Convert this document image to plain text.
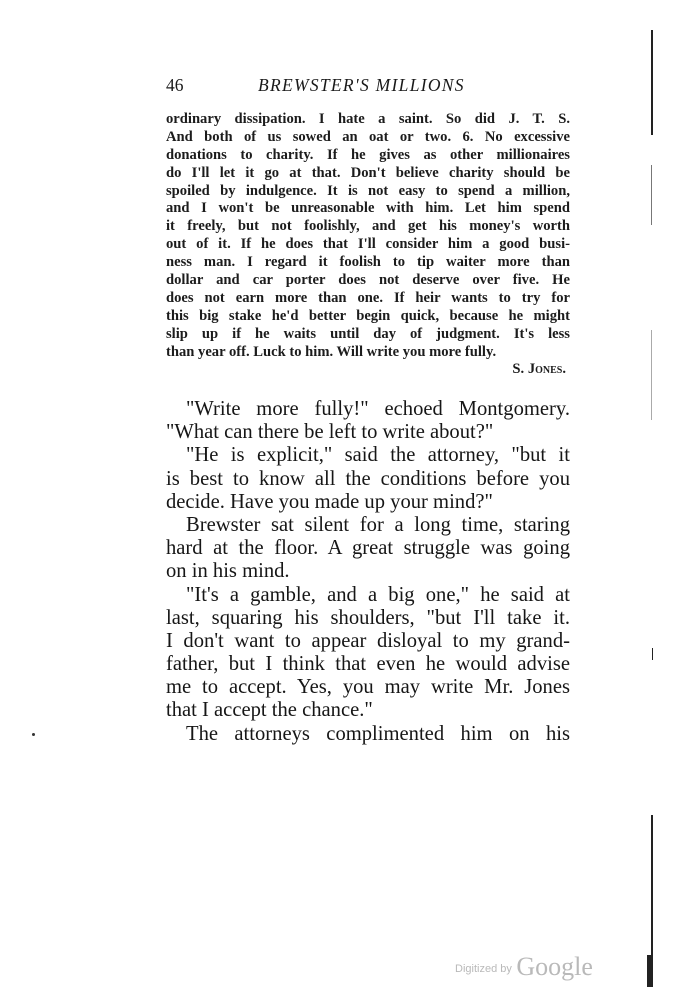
46	BREWSTER'S MILLIONS
ordinary dissipation. I hate a saint. So did J. T. S.
And both of us sowed an oat or two. 6. No excessive
donations to charity. If he gives as other millionaires
do I'll let it go at that. Don't believe charity should be
spoiled by indulgence. It is not easy to spend a million,
and I won't be unreasonable with him. Let him spend
it freely, but not foolishly, and get his money's worth
out of it. If he does that I'll consider him a good busi-
ness man. I regard it foolish to tip waiter more than
dollar and car porter does not deserve over five. He
does not earn more than one. If heir wants to try for
this big stake he'd better begin quick, because he might
slip up if he waits until day of judgment. It's less
than year off. Luck to him. Will write you more fully.
S. Jones.
"Write more fully!" echoed Montgomery.
"What can there be left to write about?"
"He is explicit," said the attorney, "but it
is best to know all the conditions before you
decide. Have you made up your mind?"
Brewster sat silent for a long time, staring
hard at the floor. A great struggle was going
on in his mind.
"It's a gamble, and a big one," he said at
last, squaring his shoulders, "but I'll take it.
I don't want to appear disloyal to my grand-
father, but I think that even he would advise
me to accept. Yes, you may write Mr. Jones
that I accept the chance."
The attorneys complimented him on his
Digitized by Google
